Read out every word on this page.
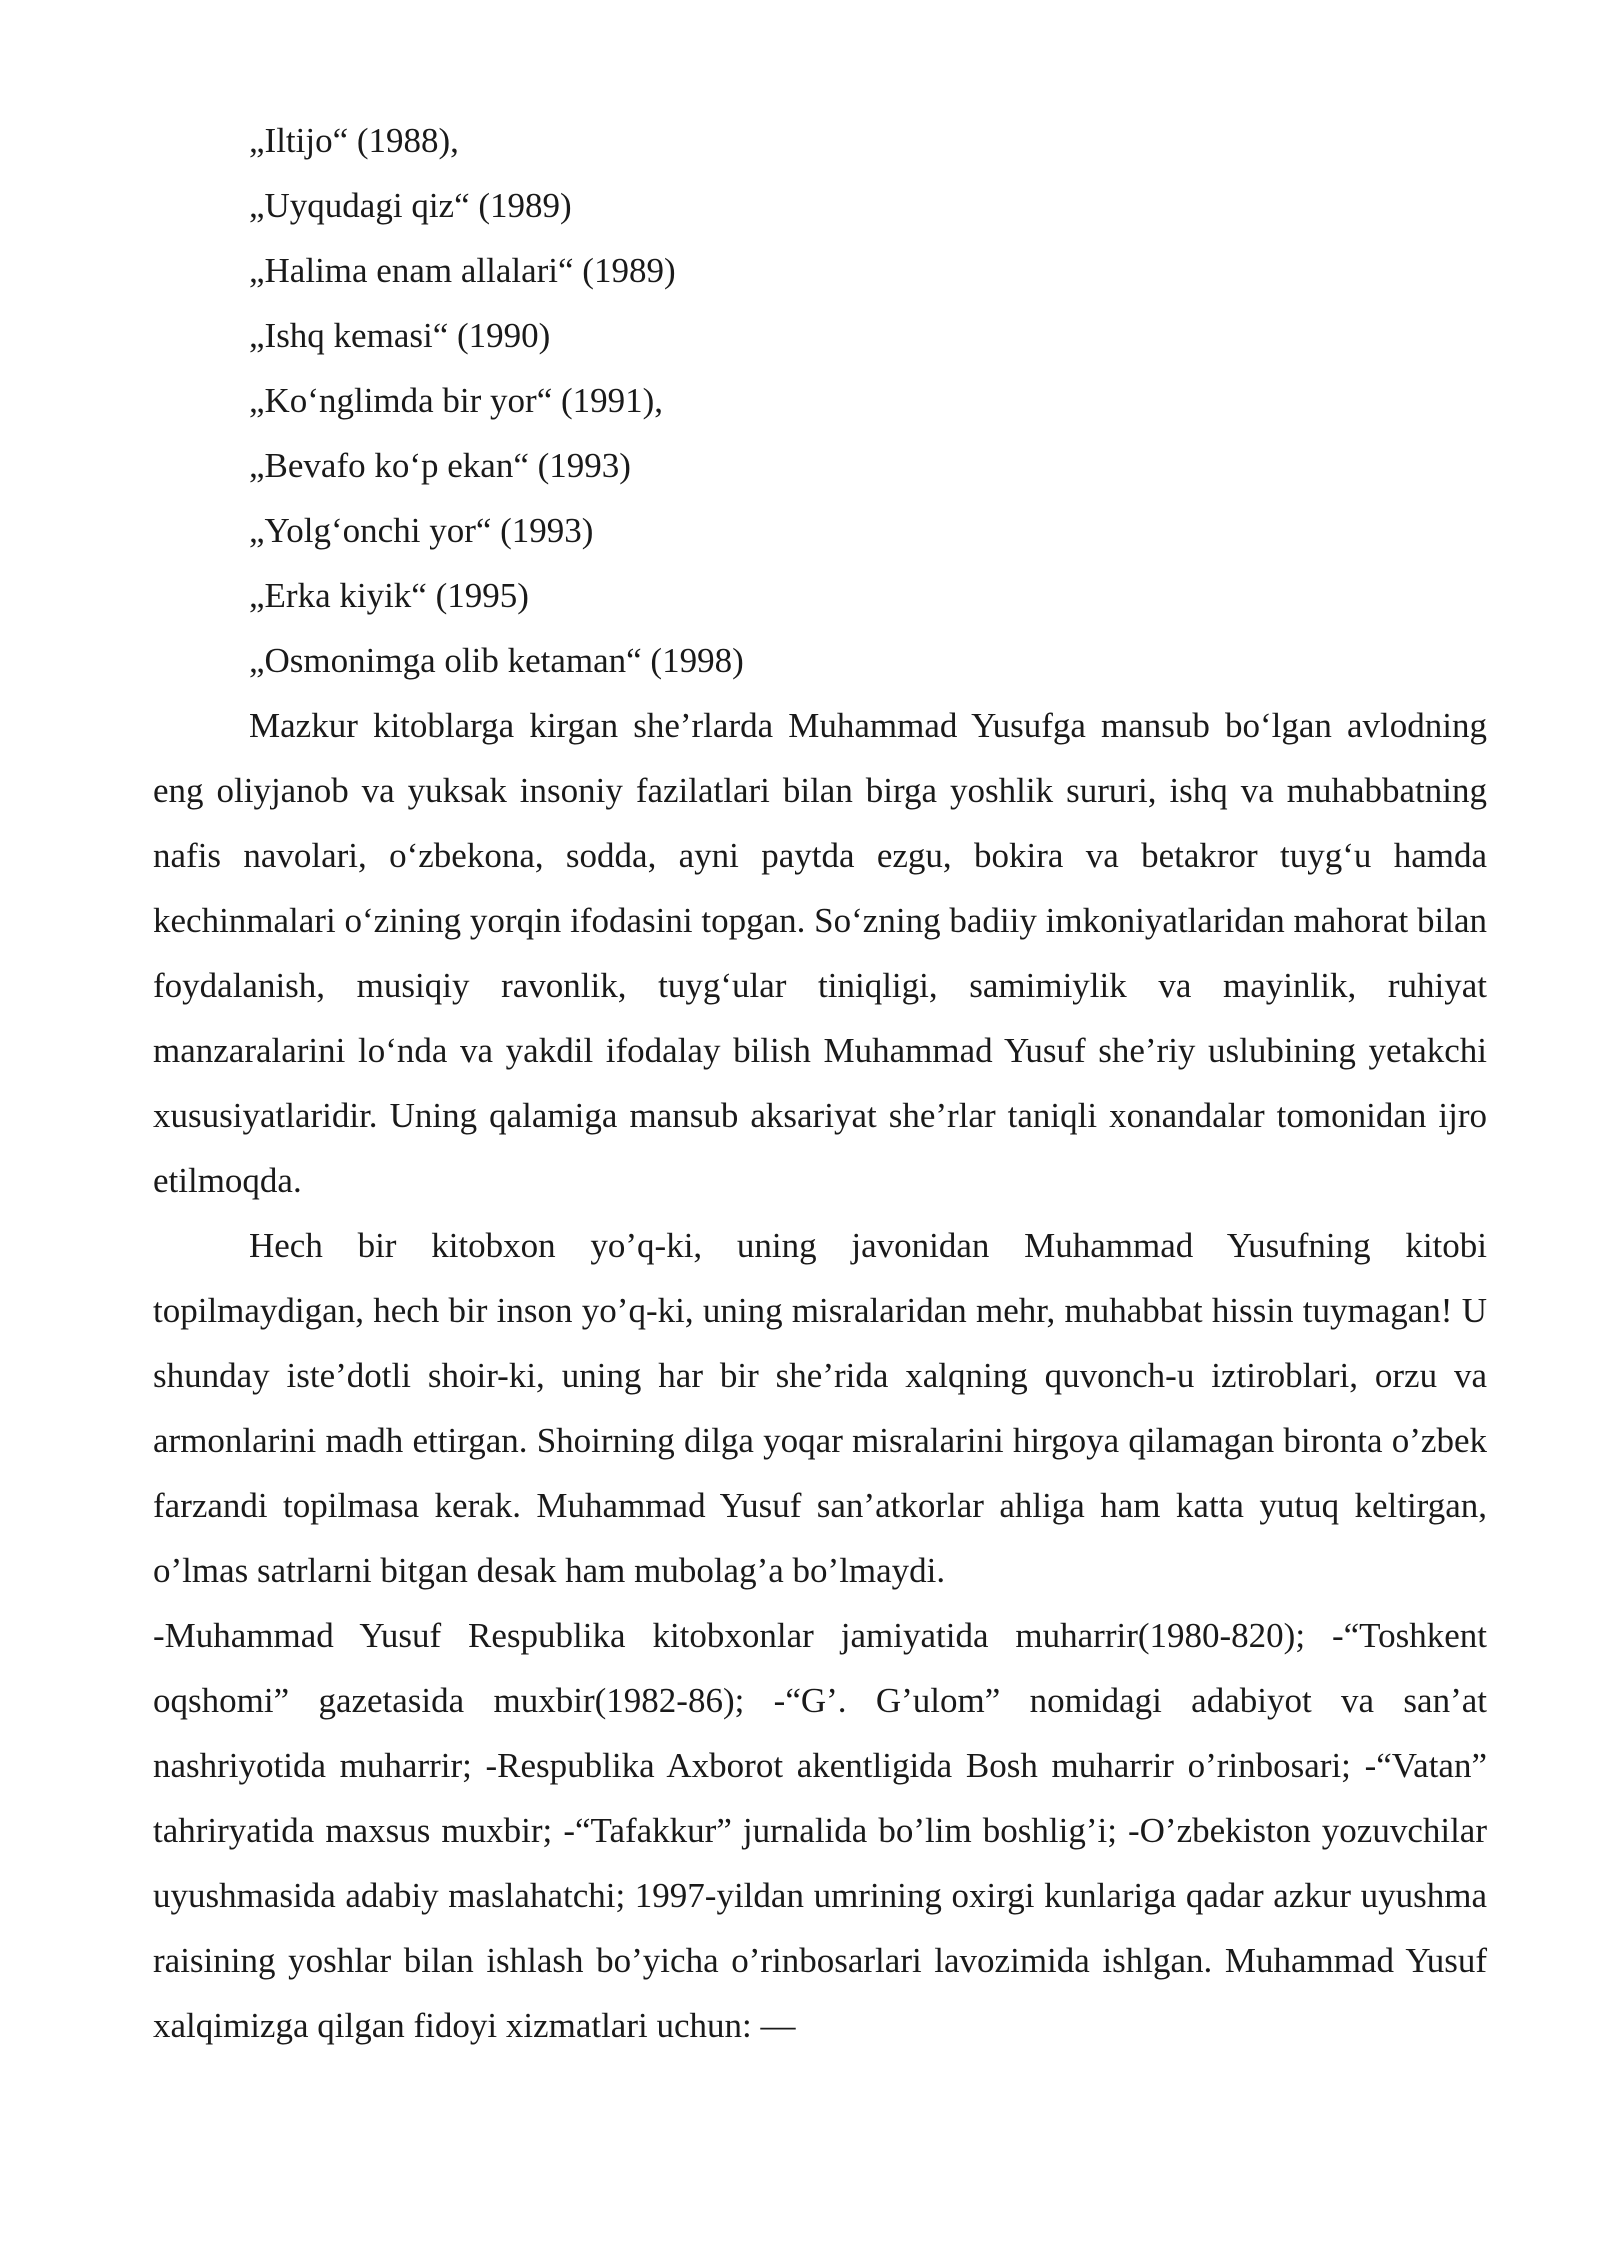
„Iltijo“ (1988),
„Uyqudagi qiz“ (1989)
„Halima enam allalari“ (1989)
„Ishq kemasi“ (1990)
„Koʻnglimda bir yor“ (1991),
„Bevafo koʻp ekan“ (1993)
„Yolgʻonchi yor“ (1993)
„Erka kiyik“ (1995)
„Osmonimga olib ketaman“ (1998)

Mazkur kitoblarga kirgan she’rlarda Muhammad Yusufga mansub boʻlgan avlodning eng oliyjanob va yuksak insoniy fazilatlari bilan birga yoshlik sururi, ishq va muhabbatning nafis navolari, oʻzbekona, sodda, ayni paytda ezgu, bokira va betakror tuygʻu hamda kechinmalari oʻzining yorqin ifodasini topgan. Soʻzning badiiy imkoniyatlaridan mahorat bilan foydalanish, musiqiy ravonlik, tuygʻular tiniqligi, samimiylik va mayinlik, ruhiyat manzaralarini loʻnda va yakdil ifodalay bilish Muhammad Yusuf she’riy uslubining yetakchi xususiyatlaridir. Uning qalamiga mansub aksariyat she’rlar taniqli xonandalar tomonidan ijro etilmoqda.

Hech bir kitobxon yo’q-ki, uning javonidan Muhammad Yusufning kitobi topilmaydigan, hech bir inson yo’q-ki, uning misralaridan mehr, muhabbat hissin tuymagan! U shunday iste’dotli shoir-ki, uning har bir she’rida xalqning quvonch-u iztiroblari, orzu va armonlarini madh ettirgan. Shoirning dilga yoqar misralarini hirgoya qilamagan bironta o’zbek farzandi topilmasa kerak. Muhammad Yusuf san’atkorlar ahliga ham katta yutuq keltirgan, o’lmas satrlarni bitgan desak ham mubolag’a bo’lmaydi.

-Muhammad Yusuf Respublika kitobxonlar jamiyatida muharrir(1980-820); -“Toshkent oqshomi” gazetasida muxbir(1982-86); -“G’. G’ulom” nomidagi adabiyot va san’at nashriyotida muharrir; -Respublika Axborot akentligida Bosh muharrir o’rinbosari; -“Vatan” tahriryatida maxsus muxbir; -“Tafakkur” jurnalida bo’lim boshlig’i; -O’zbekiston yozuvchilar uyushmasida adabiy maslahatchi; 1997-yildan umrining oxirgi kunlariga qadar azkur uyushma raisining yoshlar bilan ishlash bo’yicha o’rinbosarlari lavozimida ishlgan. Muhammad Yusuf xalqimizga qilgan fidoyi xizmatlari uchun: —
